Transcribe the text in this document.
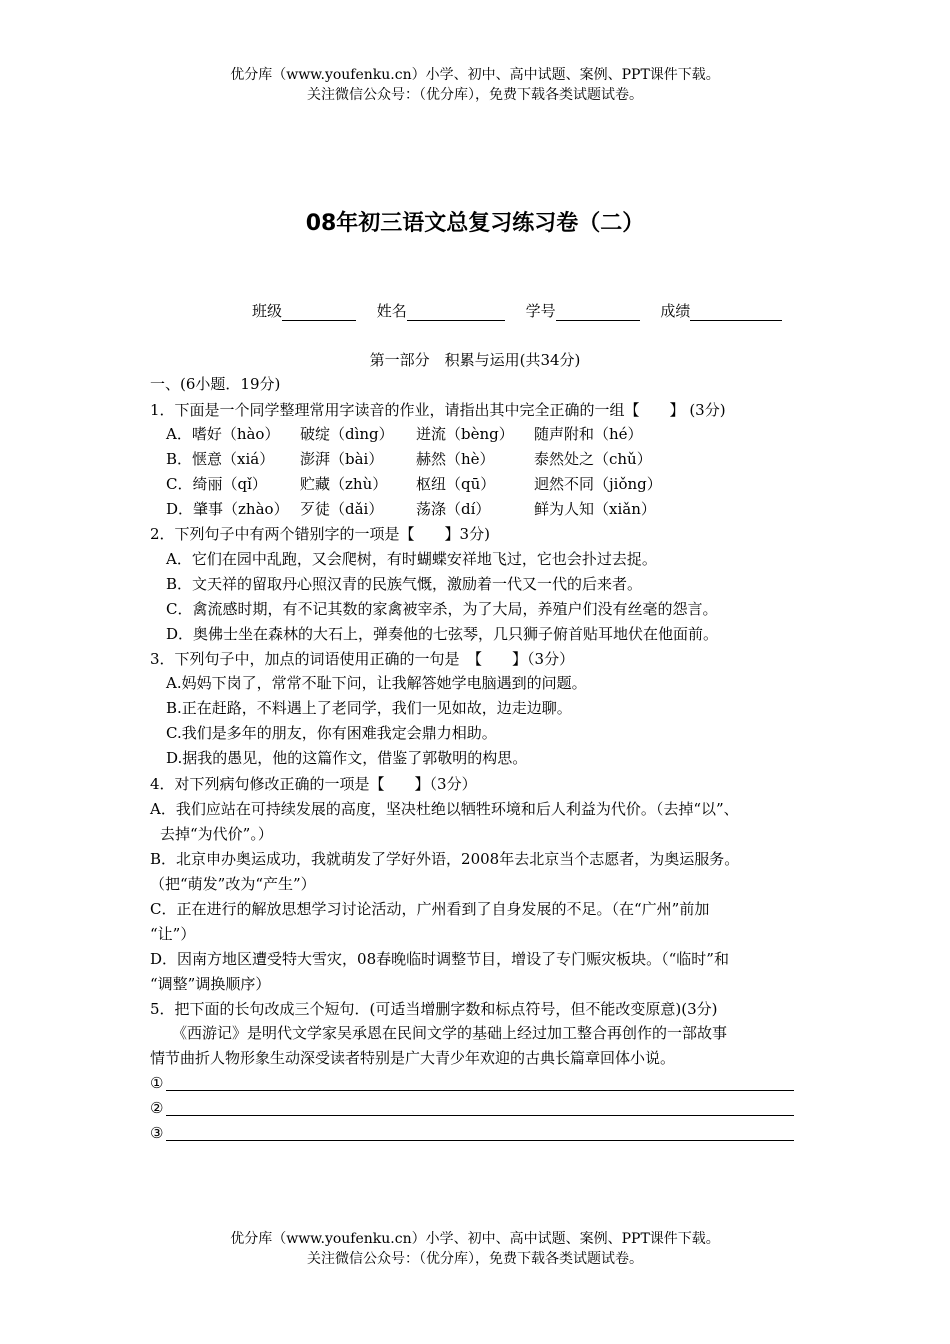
优分库（www.youfenku.cn）小学、初中、高中试题、案例、PPT课件下载。
关注微信公众号：（优分库），免费下载各类试题试卷。
08年初三语文总复习练习卷（二）
班级	姓名	学号	成绩
第一部分　积累与运用(共34分)
一、(6小题．19分)
1．下面是一个同学整理常用字读音的作业，请指出其中完全正确的一组【　　】 (3分)
A．嗜好（hào） 破绽（dìng） 迸流（bèng） 随声附和（hé）
B．惬意（xiá） 澎湃（bài） 赫然（hè）	泰然处之（chǔ）
C．绮丽（qǐ） 贮藏（zhù） 枢纽（qū）	迥然不同（jiǒng）
D．肇事（zhào） 歹徒（dǎi） 荡涤（dí）	鲜为人知（xiǎn）
2．下列句子中有两个错别字的一项是【　　】3分)
A．它们在园中乱跑，又会爬树，有时蝴蝶安祥地飞过，它也会扑过去捉。
B．文天祥的留取丹心照汉青的民族气慨，激励着一代又一代的后来者。
C．禽流感时期，有不记其数的家禽被宰杀，为了大局，养殖户们没有丝毫的怨言。
D．奥佛士坐在森林的大石上，弹奏他的七弦琴，几只狮子俯首贴耳地伏在他面前。
3．下列句子中，加点的词语使用正确的一句是　【　　】（3分）
A.妈妈下岗了，常常不耻下问，让我解答她学电脑遇到的问题。
B.正在赶路，不料遇上了老同学，我们一见如故，边走边聊。
C.我们是多年的朋友，你有困难我定会鼎力相助。
D.据我的愚见，他的这篇作文，借鉴了郭敬明的构思。
4．对下列病句修改正确的一项是【　　】（3分）
A．我们应站在可持续发展的高度，坚决杜绝以牺牲环境和后人利益为代价。（去掉“以”、
去掉“为代价”。）
B．北京申办奥运成功，我就萌发了学好外语，2008年去北京当个志愿者，为奥运服务。
（把“萌发”改为“产生”）
C．正在进行的解放思想学习讨论活动，广州看到了自身发展的不足。（在“广州”前加
“让”）
D．因南方地区遭受特大雪灾，08春晚临时调整节目，增设了专门赈灾板块。（“临时”和
“调整”调换顺序）
5．把下面的长句改成三个短句．(可适当增删字数和标点符号，但不能改变原意)(3分)
《西游记》是明代文学家吴承恩在民间文学的基础上经过加工整合再创作的一部故事
情节曲折人物形象生动深受读者特别是广大青少年欢迎的古典长篇章回体小说。
①
②
③
优分库（www.youfenku.cn）小学、初中、高中试题、案例、PPT课件下载。
关注微信公众号：（优分库），免费下载各类试题试卷。
